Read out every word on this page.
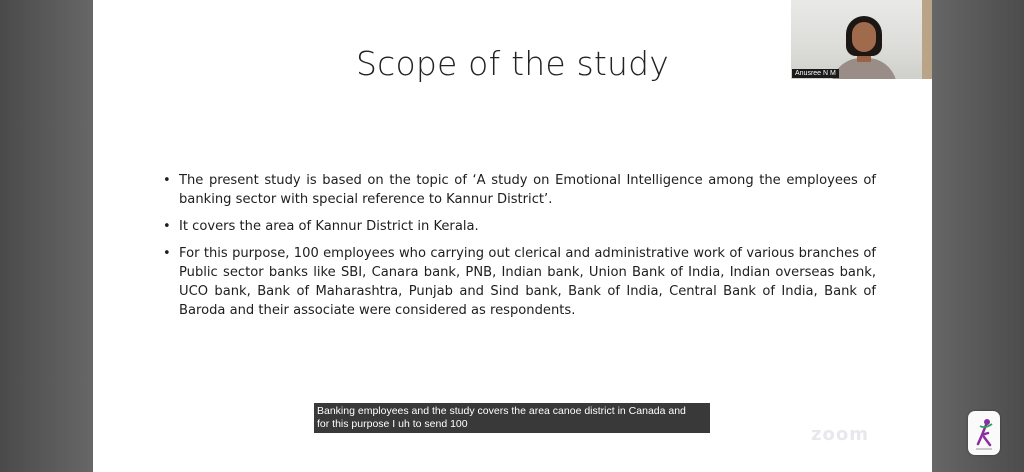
Scope of the study
• The present study is based on the topic of ‘A study on Emotional Intelligence among the employees of banking sector with special reference to Kannur District’.
• It covers the area of Kannur District in Kerala.
• For this purpose, 100 employees who carrying out clerical and administrative work of various branches of Public sector banks like SBI, Canara bank, PNB, Indian bank, Union Bank of India, Indian overseas bank, UCO bank, Bank of Maharashtra, Punjab and Sind bank, Bank of India, Central Bank of India, Bank of Baroda and their associate were considered as respondents.
Anusree N M
Banking employees and the study covers the area canoe district in Canada and
for this purpose I uh to send 100	zoom
